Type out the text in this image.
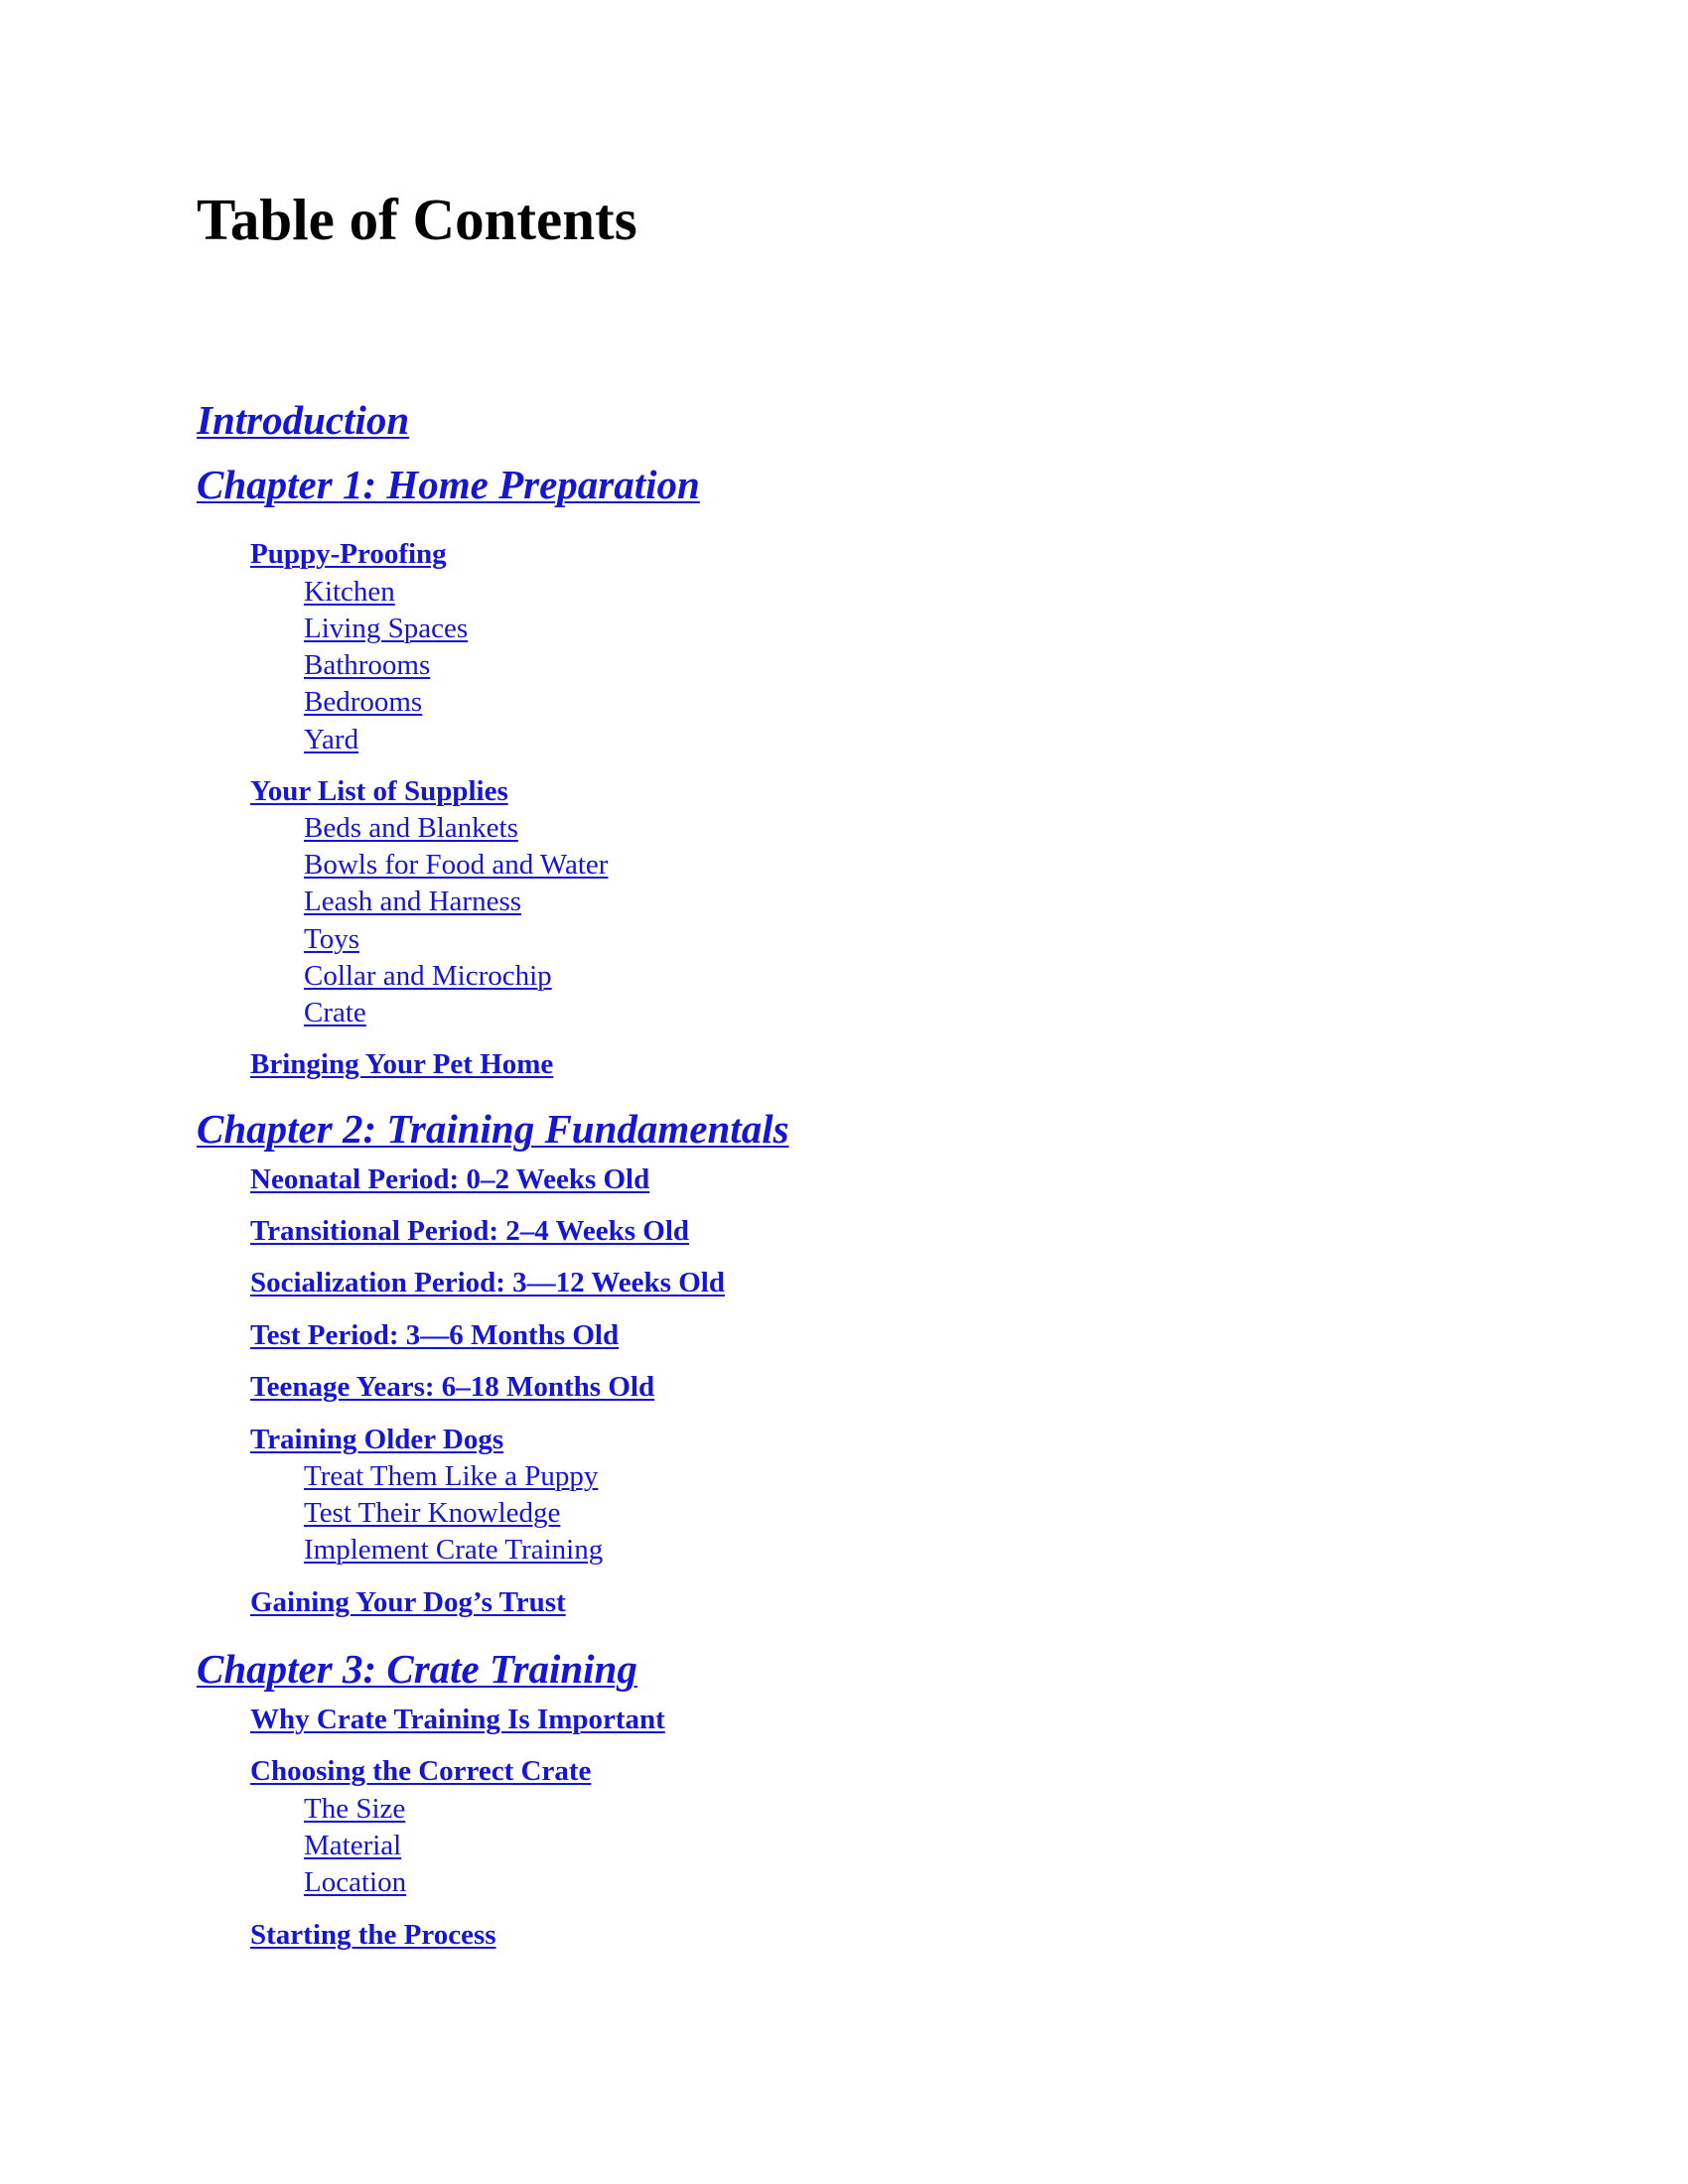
Table of Contents
Introduction
Chapter 1: Home Preparation
Puppy-Proofing
Kitchen
Living Spaces
Bathrooms
Bedrooms
Yard
Your List of Supplies
Beds and Blankets
Bowls for Food and Water
Leash and Harness
Toys
Collar and Microchip
Crate
Bringing Your Pet Home
Chapter 2: Training Fundamentals
Neonatal Period: 0–2 Weeks Old
Transitional Period: 2–4 Weeks Old
Socialization Period: 3—12 Weeks Old
Test Period: 3—6 Months Old
Teenage Years: 6–18 Months Old
Training Older Dogs
Treat Them Like a Puppy
Test Their Knowledge
Implement Crate Training
Gaining Your Dog’s Trust
Chapter 3: Crate Training
Why Crate Training Is Important
Choosing the Correct Crate
The Size
Material
Location
Starting the Process
